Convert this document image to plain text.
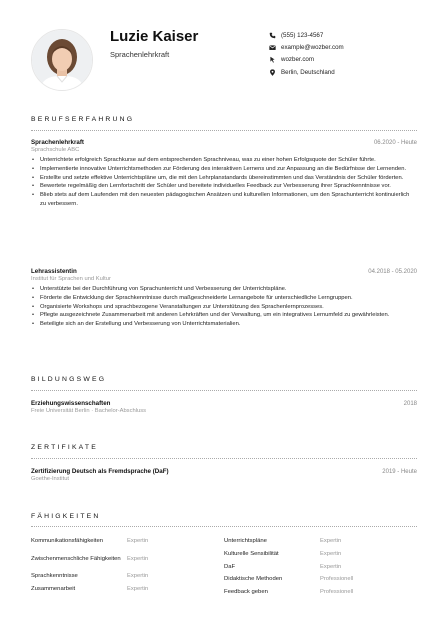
Luzie Kaiser
Sprachenlehrkraft
(555) 123-4567
example@wozber.com
wozber.com
Berlin, Deutschland
BERUFSERFAHRUNG
Sprachenlehrkraft	06.2020 - Heute
Sprachschule ABC
• Unterrichtete erfolgreich Sprachkurse auf dem entsprechenden Sprachniveau, was zu einer hohen Erfolgsquote der Schüler führte.
• Implementierte innovative Unterrichtsmethoden zur Förderung des interaktiven Lernens und zur Anpassung an die Bedürfnisse der Lernenden.
• Erstellte und setzte effektive Unterrichtspläne um, die mit den Lehrplanstandards übereinstimmten und das Verständnis der Schüler förderten.
• Bewertete regelmäßig den Lernfortschritt der Schüler und bereitete individuelles Feedback zur Verbesserung ihrer Sprachkenntnisse vor.
• Blieb stets auf dem Laufenden mit den neuesten pädagogischen Ansätzen und kulturellen Informationen, um den Sprachunterricht kontinuierlich zu verbessern.
Lehrassistentin	04.2018 - 05.2020
Institut für Sprachen und Kultur
• Unterstützte bei der Durchführung von Sprachunterricht und Verbesserung der Unterrichtspläne.
• Förderte die Entwicklung der Sprachkenntnisse durch maßgeschneiderte Lernangebote für unterschiedliche Lerngruppen.
• Organisierte Workshops und sprachbezogene Veranstaltungen zur Unterstützung des Sprachenlernprozesses.
• Pflegte ausgezeichnete Zusammenarbeit mit anderen Lehrkräften und der Verwaltung, um ein integratives Lernumfeld zu gewährleisten.
• Beteiligte sich an der Erstellung und Verbesserung von Unterrichtsmaterialien.
BILDUNGSWEG
Erziehungswissenschaften	2018
Freie Universität Berlin · Bachelor-Abschluss
ZERTIFIKATE
Zertifizierung Deutsch als Fremdsprache (DaF)	2019 - Heute
Goethe-Institut
FÄHIGKEITEN
Kommunikationsfähigkeiten	Expertin
Zwischenmenschliche Fähigkeiten	Expertin
Sprachkenntnisse	Expertin
Zusammenarbeit	Expertin
Unterrichtspläne	Expertin
Kulturelle Sensibilität	Expertin
DaF	Expertin
Didaktische Methoden	Professionell
Feedback geben	Professionell
